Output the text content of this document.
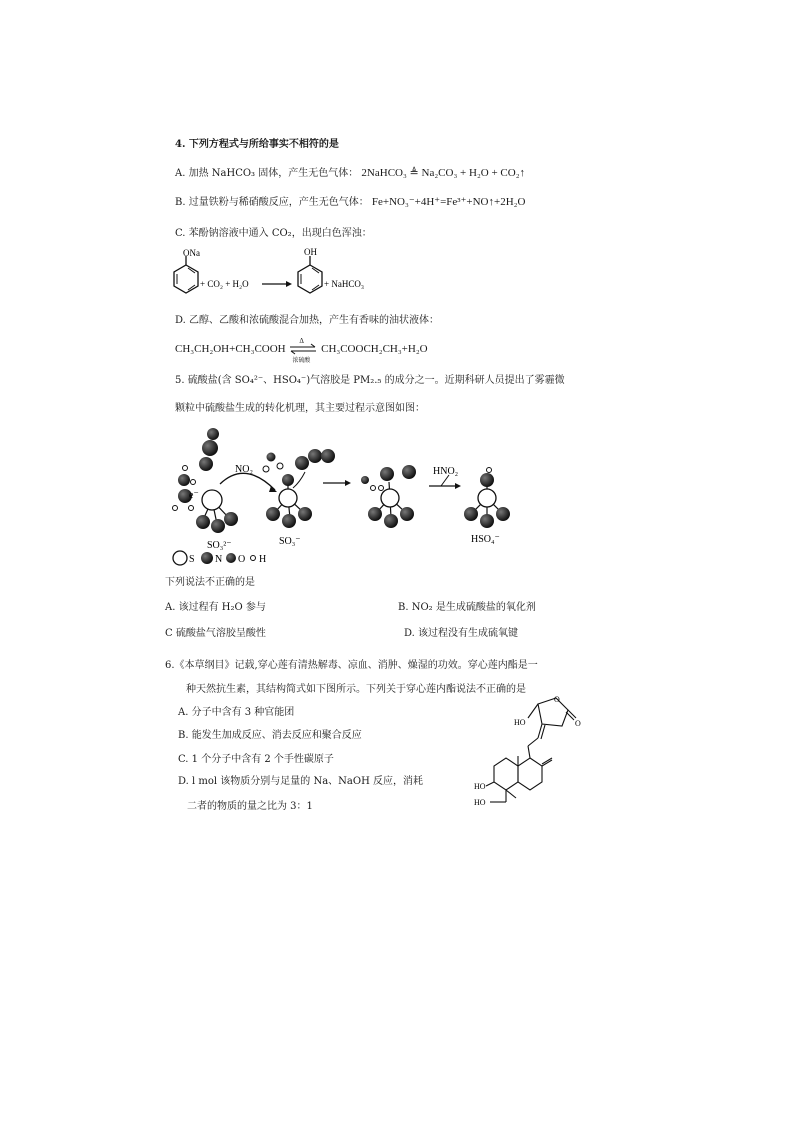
4. 下列方程式与所给事实不相符的是
A. 加热 NaHCO₃ 固体，产生无色气体： 2NaHCO₃ ≜ Na₂CO₃ + H₂O + CO₂↑
B. 过量铁粉与稀硝酸反应，产生无色气体： Fe+NO₃⁻+4H⁺=Fe³⁺+NO↑+2H₂O
C. 苯酚钠溶液中通入 CO₂，出现白色浑浊：
ONa
+ CO₂ + H₂O
OH
+ NaHCO₃
D. 乙醇、乙酸和浓硫酸混合加热，产生有香味的油状液体：
CH₃CH₂OH+CH₃COOH
Δ
浓硫酸
CH₃COOCH₂CH₃+H₂O
5. 硫酸盐(含 SO₄²⁻、HSO₄⁻)气溶胶是 PM₂.₅ 的成分之一。近期科研人员提出了雾霾微
颗粒中硫酸盐生成的转化机理，其主要过程示意图如图：
e⁻
SO₃²⁻
NO₂
SO₃⁻
HNO₂
HSO₄⁻
S N O H
下列说法不正确的是
A. 该过程有 H₂O 参与	B. NO₂ 是生成硫酸盐的氧化剂
C 硫酸盐气溶胶呈酸性	D. 该过程没有生成硫氧键
6.《本草纲目》记载,穿心莲有清热解毒、凉血、消肿、燥湿的功效。穿心莲内酯是一
种天然抗生素，其结构简式如下图所示。下列关于穿心莲内酯说法不正确的是
A. 分子中含有 3 种官能团
B. 能发生加成反应、消去反应和聚合反应
C. 1 个分子中含有 2 个手性碳原子
D. l mol 该物质分别与足量的 Na、NaOH 反应，消耗
二者的物质的量之比为 3：1
O
O
HO
HO
HO
